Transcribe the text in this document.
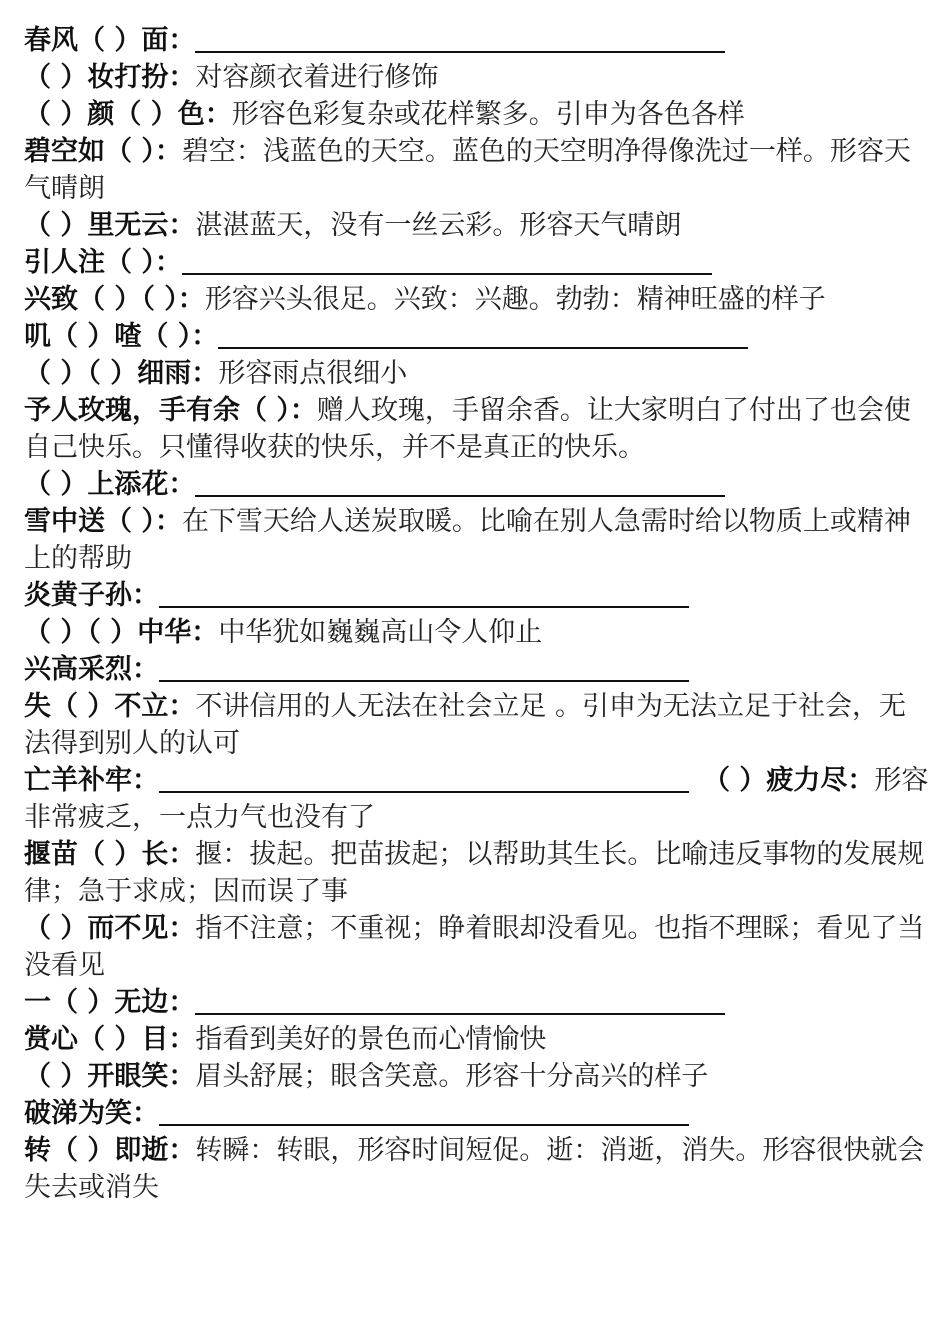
春风（ ）面：
（ ）妆打扮：对容颜衣着进行修饰
（ ）颜（ ）色：形容色彩复杂或花样繁多。引申为各色各样
碧空如（ ）：碧空：浅蓝色的天空。蓝色的天空明净得像洗过一样。形容天气晴朗
（ ）里无云：湛湛蓝天，没有一丝云彩。形容天气晴朗
引人注（ ）：
兴致（ ）（ ）：形容兴头很足。兴致：兴趣。勃勃：精神旺盛的样子
叽（ ）喳（ ）：
（ ）（ ）细雨：形容雨点很细小
予人玫瑰，手有余（ ）：赠人玫瑰，手留余香。让大家明白了付出了也会使自己快乐。只懂得收获的快乐，并不是真正的快乐。
（ ）上添花：
雪中送（ ）：在下雪天给人送炭取暖。比喻在别人急需时给以物质上或精神上的帮助
炎黄子孙：
（ ）（ ）中华：中华犹如巍巍高山令人仰止
兴高采烈：
失（ ）不立：不讲信用的人无法在社会立足 。引申为无法立足于社会，无法得到别人的认可
亡羊补牢：	（ ）疲力尽：形容非常疲乏，一点力气也没有了
揠苗（ ）长：揠：拔起。把苗拔起；以帮助其生长。比喻违反事物的发展规律；急于求成；因而误了事
（ ）而不见：指不注意；不重视；睁着眼却没看见。也指不理睬；看见了当没看见
一（ ）无边：
赏心（ ）目：指看到美好的景色而心情愉快
（ ）开眼笑：眉头舒展；眼含笑意。形容十分高兴的样子
破涕为笑：
转（ ）即逝：转瞬：转眼，形容时间短促。逝：消逝，消失。形容很快就会失去或消失
